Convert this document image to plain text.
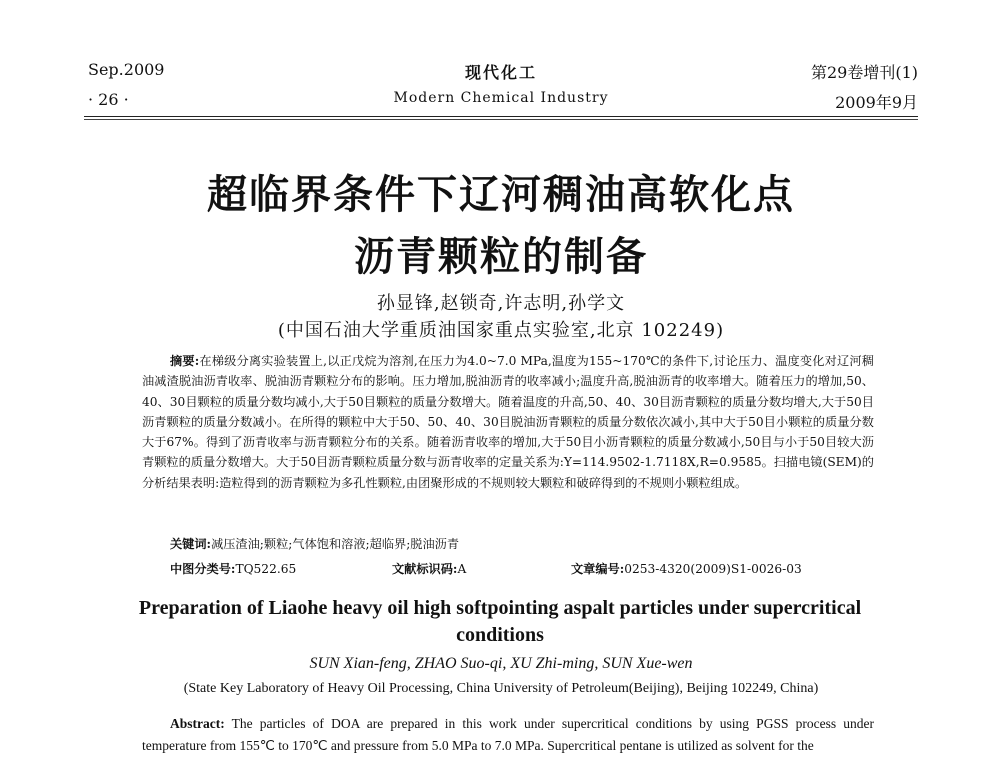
Sep.2009	现代化工	第29卷增刊(1)
· 26 ·	Modern Chemical Industry	2009年9月
超临界条件下辽河稠油高软化点
沥青颗粒的制备
孙显锋,赵锁奇,许志明,孙学文
(中国石油大学重质油国家重点实验室,北京 102249)

摘要:在梯级分离实验装置上,以正戊烷为溶剂,在压力为4.0~7.0 MPa,温度为155~170℃的条件下,讨论压力、温度变化对辽河稠油减渣脱油沥青收率、脱油沥青颗粒分布的影响。压力增加,脱油沥青的收率减小;温度升高,脱油沥青的收率增大。随着压力的增加,50、40、30目颗粒的质量分数均减小,大于50目颗粒的质量分数增大。随着温度的升高,50、40、30目沥青颗粒的质量分数均增大,大于50目沥青颗粒的质量分数减小。在所得的颗粒中大于50、50、40、30目脱油沥青颗粒的质量分数依次减小,其中大于50目小颗粒的质量分数大于67%。得到了沥青收率与沥青颗粒分布的关系。随着沥青收率的增加,大于50目小沥青颗粒的质量分数减小,50目与小于50目较大沥青颗粒的质量分数增大。大于50目沥青颗粒质量分数与沥青收率的定量关系为:Y=114.9502-1.7118X,R=0.9585。扫描电镜(SEM)的分析结果表明:造粒得到的沥青颗粒为多孔性颗粒,由团聚形成的不规则较大颗粒和破碎得到的不规则小颗粒组成。

关键词:减压渣油;颗粒;气体饱和溶液;超临界;脱油沥青
中图分类号:TQ522.65	文献标识码:A	文章编号:0253-4320(2009)S1-0026-03
Preparation of Liaohe heavy oil high softpointing aspalt particles under supercritical conditions
SUN Xian-feng, ZHAO Suo-qi, XU Zhi-ming, SUN Xue-wen
(State Key Laboratory of Heavy Oil Processing, China University of Petroleum(Beijing), Beijing 102249, China)

Abstract: The particles of DOA are prepared in this work under supercritical conditions by using PGSS process under temperature from 155℃ to 170℃ and pressure from 5.0 MPa to 7.0 MPa. Supercritical pentane is utilized as solvent for the
